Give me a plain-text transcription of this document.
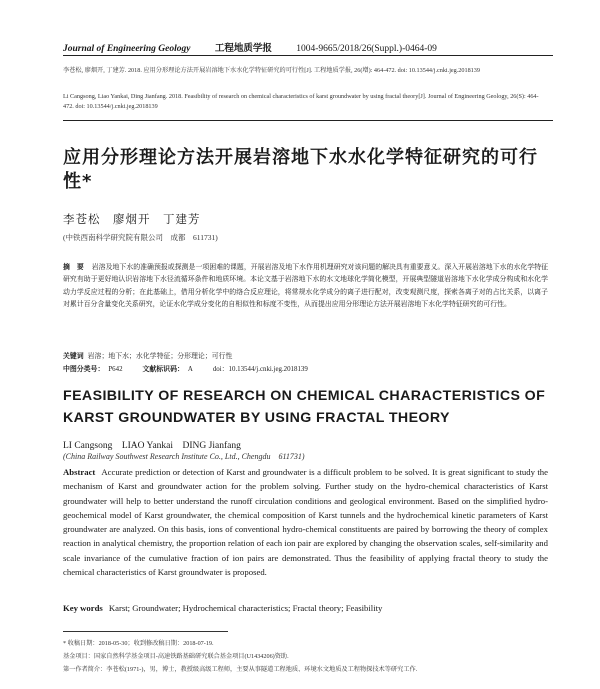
Journal of Engineering Geology	工程地质学报	1004-9665/2018/26(Suppl.)-0464-09
李苍松, 廖烟开, 丁建芳. 2018. 应用分形理论方法开展岩溶地下水水化学特征研究的可行性[J]. 工程地质学报, 26(增): 464-472. doi: 10.13544/j.cnki.jeg.2018139
Li Cangsong, Liao Yankai, Ding Jianfang. 2018. Feasibility of research on chemical characteristics of karst groundwater by using fractal theory[J]. Journal of Engineering Geology, 26(S): 464-472. doi: 10.13544/j.cnki.jeg.2018139
应用分形理论方法开展岩溶地下水水化学特征研究的可行性*
李苍松　廖烟开　丁建芳
(中铁西南科学研究院有限公司　成都　611731)
摘　要 岩溶及地下水的准确预报或探测是一项困难的课题，开展岩溶及地下水作用机理研究对该问题的解决具有重要意义。深入开展岩溶地下水的水化学特征研究有助于更好地认识岩溶地下水径流循环条件和地质环境。本论文基于岩溶地下水的水文地球化学简化模型，开展典型隧道岩溶地下水化学成分构成和水化学动力学反应过程的分析；在此基础上，借用分析化学中的络合反应理论，将常规水化学成分的离子进行配对，改变观测尺度，探索各离子对的占比关系，以离子对累计百分含量变化关系研究，论证水化学成分变化的自相似性和标度不变性，从而提出应用分形理论方法开展岩溶地下水化学特征研究的可行性。
关键词 岩溶；地下水；水化学特征；分形理论；可行性
中图分类号： P642	文献标识码： A	doi：10.13544/j.cnki.jeg.2018139
FEASIBILITY OF RESEARCH ON CHEMICAL CHARACTERISTICS OF KARST GROUNDWATER BY USING FRACTAL THEORY
LI Cangsong　LIAO Yankai　DING Jianfang
(China Railway Southwest Research Institute Co., Ltd., Chengdu　611731)
Abstract Accurate prediction or detection of Karst and groundwater is a difficult problem to be solved. It is great significant to study the mechanism of Karst and groundwater action for the problem solving. Further study on the hydro-chemical characteristics of Karst groundwater will help to better understand the runoff circulation conditions and geological environment. Based on the simplified hydro-geochemical model of Karst groundwater, the chemical composition of Karst tunnels and the hydrochemical kinetic parameters of Karst groundwater are analyzed. On this basis, ions of conventional hydro-chemical constituents are paired by borrowing the theory of complex reaction in analytical chemistry, the proportion relation of each ion pair are explored by changing the observation scales, self-similarity and scale invariance of the cumulative fraction of ion pairs are demonstrated. Thus the feasibility of applying fractal theory to study the chemical characteristics of Karst groundwater is proposed.
Key words Karst; Groundwater; Hydrochemical characteristics; Fractal theory; Feasibility
* 收稿日期：2018-05-30；收到修改稿日期：2018-07-19.
基金项目：国家自然科学基金项目-高速铁路基础研究联合基金项目(U1434206)资助.
第一作者简介：李苍松(1971-)，男，博士，教授级高级工程师，主要从事隧道工程地质、环境水文地质及工程物探技术等研究工作.
